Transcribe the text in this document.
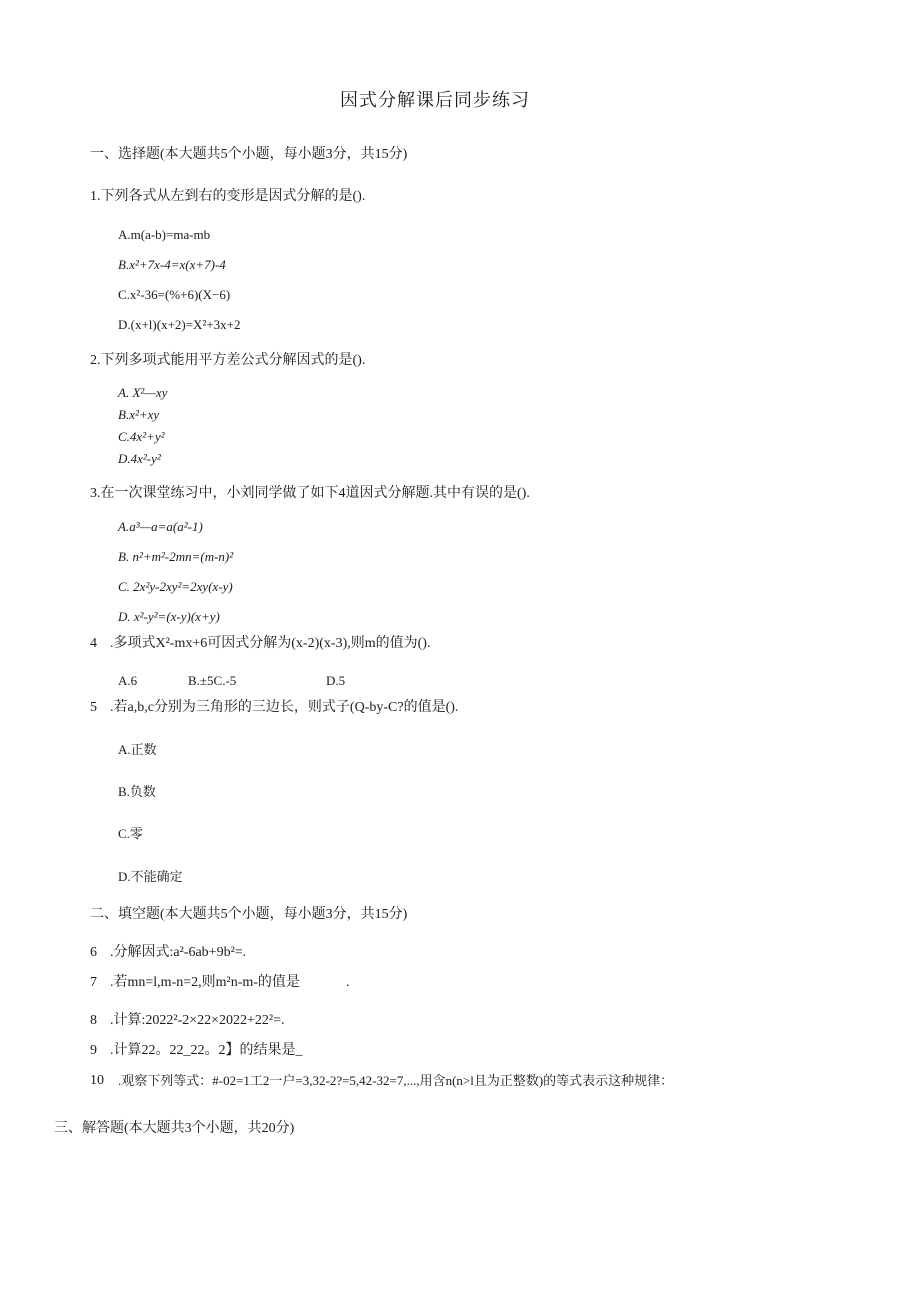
因式分解课后同步练习
一、选择题(本大题共5个小题，每小题3分，共15分)
1.下列各式从左到右的变形是因式分解的是().
A.m(a-b)=ma-mb
B.x²+7x-4=x(x+7)-4
C.x²-36=(%+6)(X−6)
D.(x+l)(x+2)=X²+3x+2
2.下列多项式能用平方差公式分解因式的是().
A. X²—xy
B.x²+xy
C.4x²+y²
D.4x²-y²
3.在一次课堂练习中，小刘同学做了如下4道因式分解题.其中有误的是().
A.a³—a=a(a²-1)
B. n²+m²-2mn=(m-n)²
C. 2x²y-2xy²=2xy(x-y)
D. x²-y²=(x-y)(x+y)
4 .多项式X²-mx+6可因式分解为(x-2)(x-3),则m的值为().
A.6	B.±5C.-5	D.5
5 .若a,b,c分别为三角形的三边长，则式子(Q-by-C?的值是().
A.正数
B.负数
C.零
D.不能确定
二、填空题(本大题共5个小题，每小题3分，共15分)
6 .分解因式:a²-6ab+9b²=.
7 .若mn=l,m-n=2,则m²n-m-的值是	.
8 .计算:2022²-2×22×2022+22²=.
9 .计算22。22_22。2】的结果是_
10 .观察下列等式：#-02=1工2一户=3,32-2?=5,42-32=7,...,用含n(n>l且为正整数)的等式表示这种规律：
三、解答题(本大题共3个小题，共20分)
